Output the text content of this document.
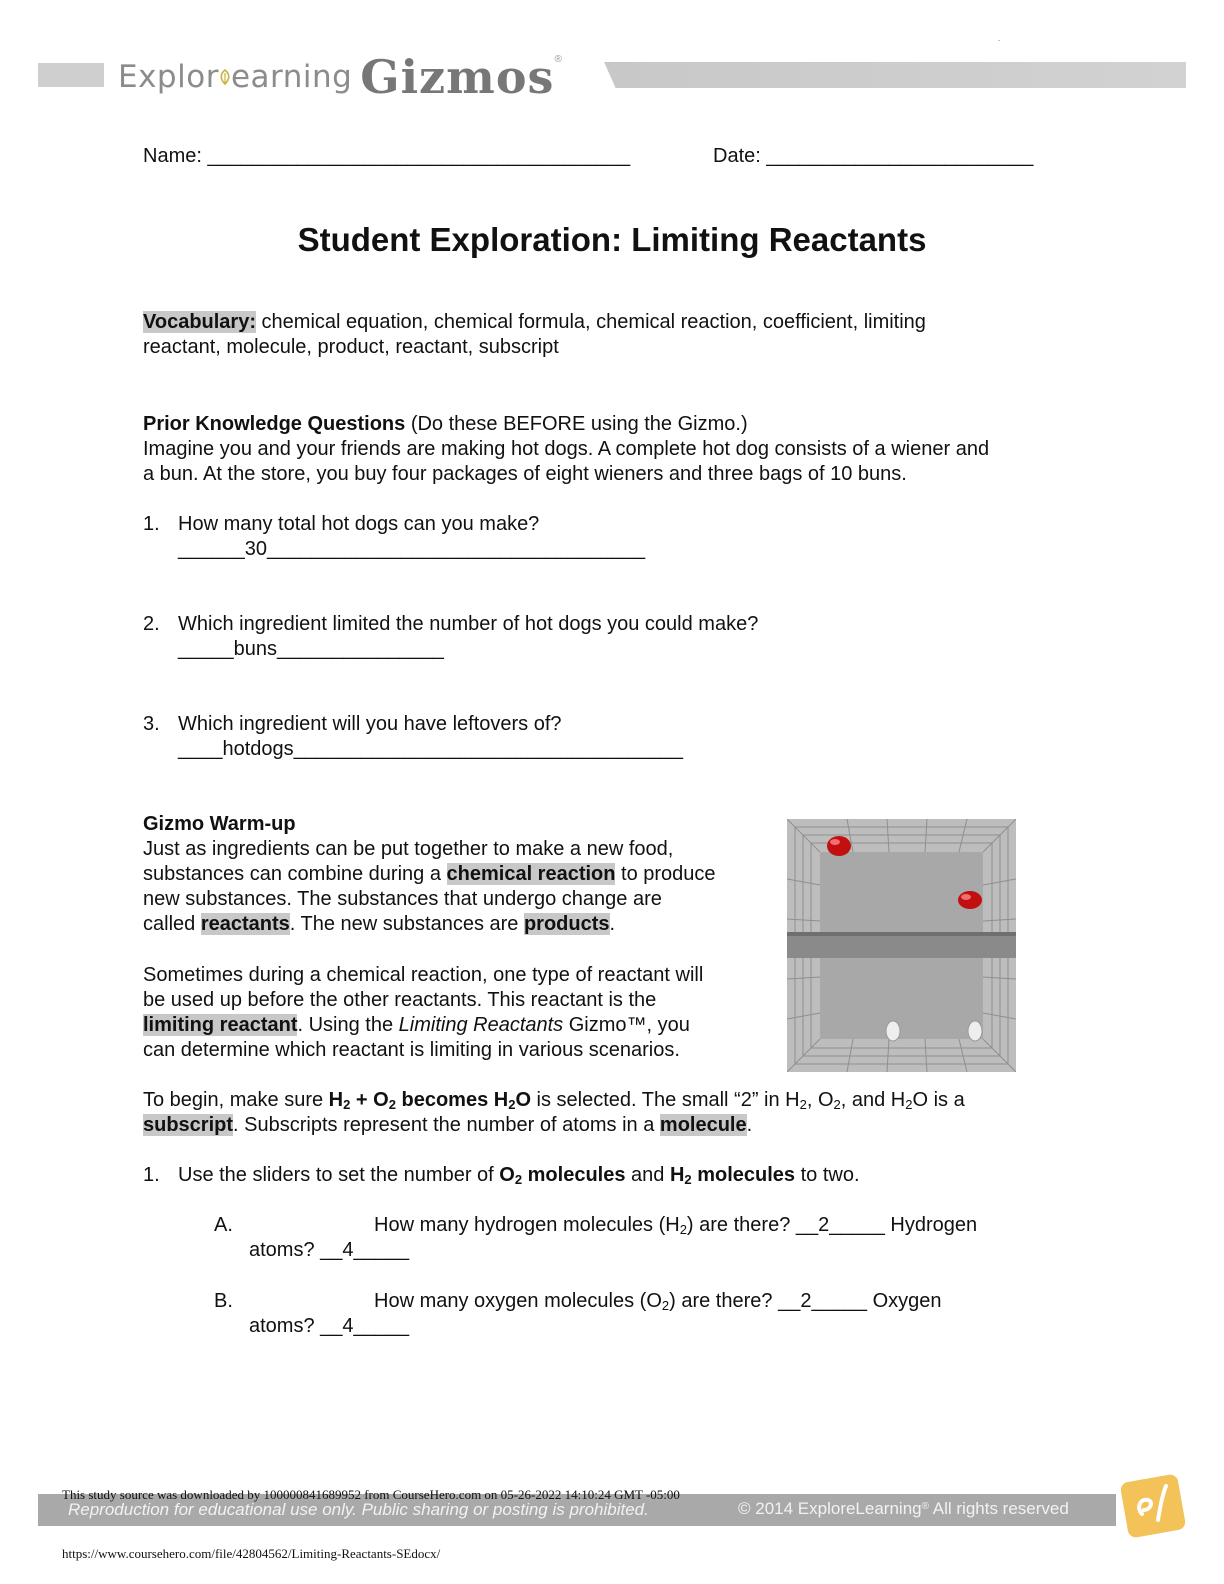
Explor earning Gizmos®
.
Name: ______________________________________	Date: ________________________
Student Exploration: Limiting Reactants
Vocabulary: chemical equation, chemical formula, chemical reaction, coefficient, limiting
reactant, molecule, product, reactant, subscript
Prior Knowledge Questions (Do these BEFORE using the Gizmo.)
Imagine you and your friends are making hot dogs. A complete hot dog consists of a wiener and
a bun. At the store, you buy four packages of eight wieners and three bags of 10 buns.
1. How many total hot dogs can you make?
______30__________________________________
2. Which ingredient limited the number of hot dogs you could make?
_____buns_______________
3. Which ingredient will you have leftovers of?
____hotdogs___________________________________
Gizmo Warm-up
Just as ingredients can be put together to make a new food,
substances can combine during a chemical reaction to produce
new substances. The substances that undergo change are
called reactants. The new substances are products.
Sometimes during a chemical reaction, one type of reactant will
be used up before the other reactants. This reactant is the
limiting reactant. Using the Limiting Reactants Gizmo™, you
can determine which reactant is limiting in various scenarios.
To begin, make sure $H_2 + O_2$ becomes $H_2O$ is selected. The small “2” in $H_2$, $O_2$, and $H_2O$ is a
subscript. Subscripts represent the number of atoms in a molecule.
1. Use the sliders to set the number of $O_2$ molecules and $H_2$ molecules to two.
A.	How many hydrogen molecules $(H_2)$ are there? __2_____ Hydrogen
atoms? __4_____
B.	How many oxygen molecules $(O_2)$ are there? __2_____ Oxygen
atoms? __4_____
Reproduction for educational use only. Public sharing or posting is prohibited.	© 2014 ExploreLearning® All rights reserved
This study source was downloaded by 100000841689952 from CourseHero.com on 05-26-2022 14:10:24 GMT -05:00
https://www.coursehero.com/file/42804562/Limiting-Reactants-SEdocx/
